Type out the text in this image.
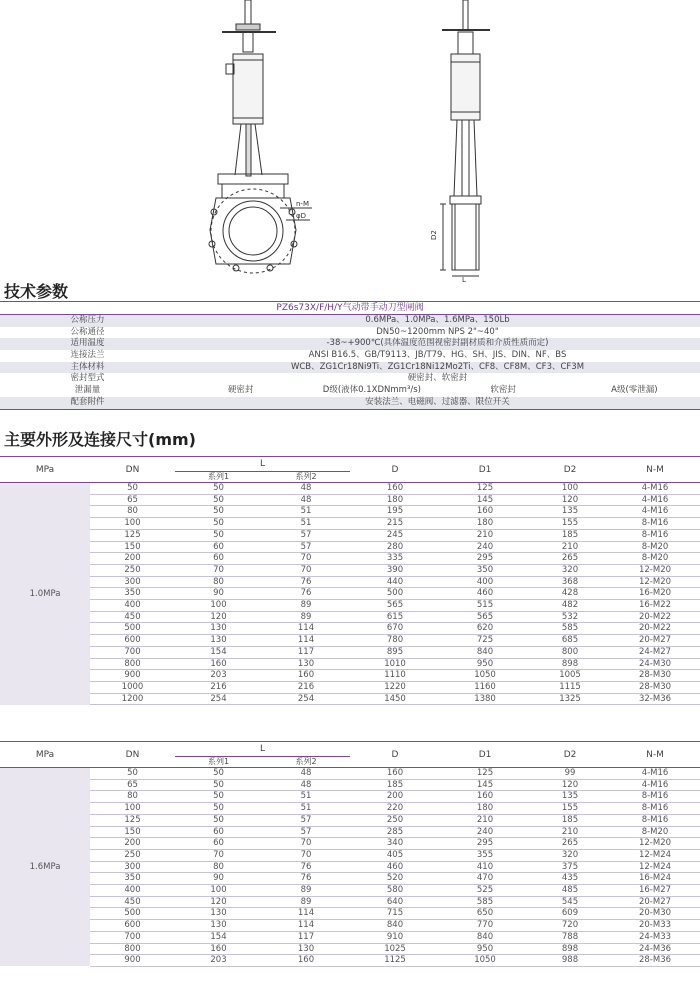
n-M
φD
D2
L
技术参数
PZ6s73X/F/H/Y气动带手动刀型闸阀
公称压力	0.6MPa、1.0MPa、1.6MPa、150Lb
公称通径	DN50~1200mm NPS 2"~40"
适用温度	-38~+900℃(具体温度范围视密封副材质和介质性质而定)
连接法兰	ANSI B16.5、GB/T9113、JB/T79、HG、SH、JIS、DIN、NF、BS
主体材料	WCB、ZG1Cr18Ni9Ti、ZG1Cr18Ni12Mo2Ti、CF8、CF8M、CF3、CF3M
密封型式	硬密封、软密封
泄漏量	硬密封	D级(液体0.1XDNmm³/s)	软密封	A级(零泄漏)
配套附件	安装法兰、电磁阀、过滤器、限位开关
主要外形及连接尺寸(mm)
MPa	DN	L		D	D1	D2	N-M
		系列1	系列2				
1.0MPa	50	50	48	160	125	100	4-M16
	65	50	48	180	145	120	4-M16
	80	50	51	195	160	135	4-M16
	100	50	51	215	180	155	8-M16
	125	50	57	245	210	185	8-M16
	150	60	57	280	240	210	8-M20
	200	60	70	335	295	265	8-M20
	250	70	70	390	350	320	12-M20
	300	80	76	440	400	368	12-M20
	350	90	76	500	460	428	16-M20
	400	100	89	565	515	482	16-M22
	450	120	89	615	565	532	20-M22
	500	130	114	670	620	585	20-M22
	600	130	114	780	725	685	20-M27
	700	154	117	895	840	800	24-M27
	800	160	130	1010	950	898	24-M30
	900	203	160	1110	1050	1005	28-M30
	1000	216	216	1220	1160	1115	28-M30
	1200	254	254	1450	1380	1325	32-M36
MPa	DN	L		D	D1	D2	N-M
		系列1	系列2				
1.6MPa	50	50	48	160	125	99	4-M16
	65	50	48	185	145	120	4-M16
	80	50	51	200	160	135	8-M16
	100	50	51	220	180	155	8-M16
	125	50	57	250	210	185	8-M16
	150	60	57	285	240	210	8-M20
	200	60	70	340	295	265	12-M20
	250	70	70	405	355	320	12-M24
	300	80	76	460	410	375	12-M24
	350	90	76	520	470	435	16-M24
	400	100	89	580	525	485	16-M27
	450	120	89	640	585	545	20-M27
	500	130	114	715	650	609	20-M30
	600	130	114	840	770	720	20-M33
	700	154	117	910	840	788	24-M33
	800	160	130	1025	950	898	24-M36
	900	203	160	1125	1050	988	28-M36
